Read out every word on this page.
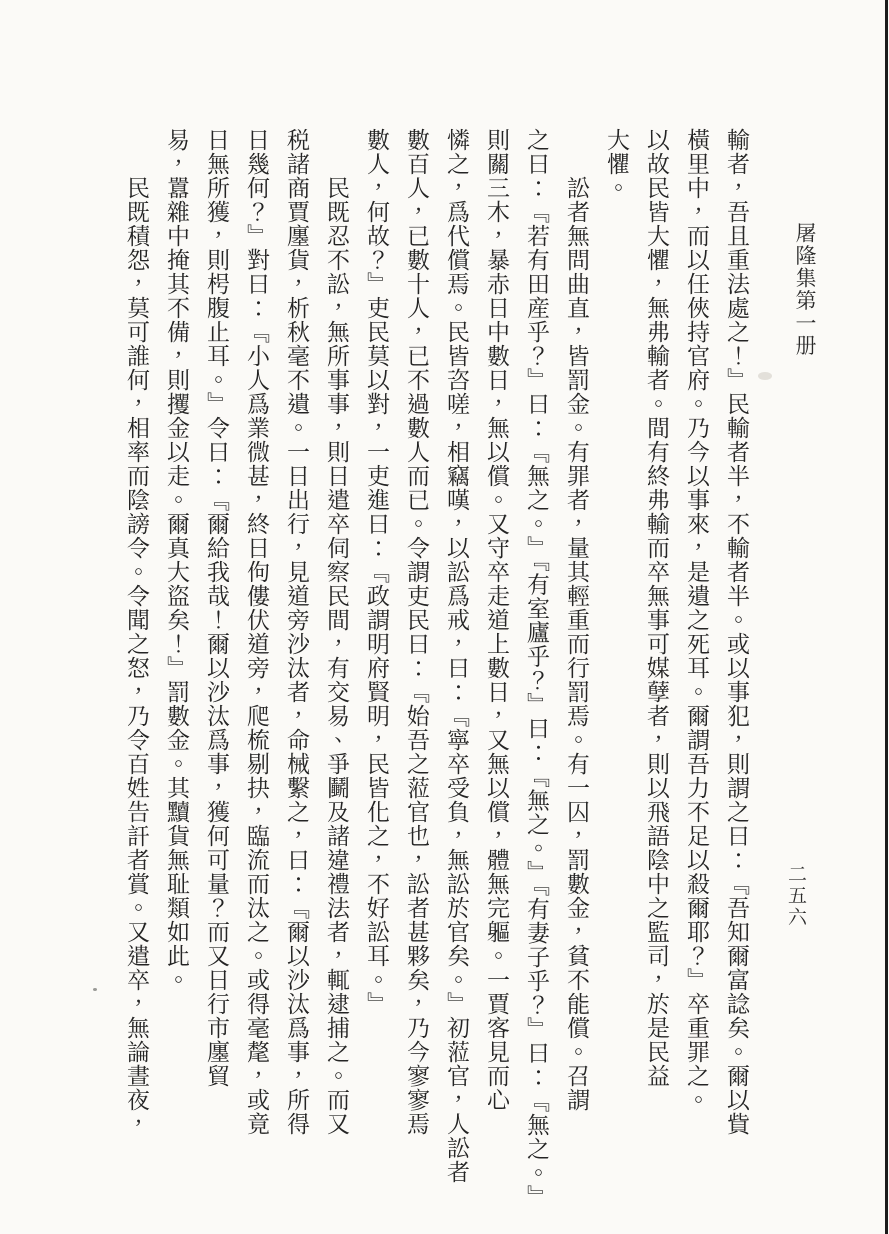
屠隆集第一册
二五六
輸者，吾且重法處之！』民輸者半，不輸者半。或以事犯，則謂之曰：『吾知爾富諗矣。爾以貲
橫里中，而以任俠持官府。乃今以事來，是遺之死耳。爾謂吾力不足以殺爾耶？』卒重罪之。
以故民皆大懼，無弗輸者。間有終弗輸而卒無事可媒孽者，則以飛語陰中之監司，於是民益
大懼。
訟者無問曲直，皆罰金。有罪者，量其輕重而行罰焉。有一囚，罰數金，貧不能償。召謂
之曰：『若有田産乎？』曰：『無之。』『有室廬乎？』曰：『無之。』『有妻子乎？』曰：『無之。』
則關三木，暴赤日中數日，無以償。又守卒走道上數日，又無以償，體無完軀。一賈客見而心
憐之，爲代償焉。民皆咨嗟，相竊嘆，以訟爲戒，曰：『寧卒受負，無訟於官矣。』初蒞官，人訟者
數百人，已數十人，已不過數人而已。令謂吏民曰：『始吾之蒞官也，訟者甚夥矣，乃今寥寥焉
數人，何故？』吏民莫以對，一吏進曰：『政謂明府賢明，民皆化之，不好訟耳。』
民既忍不訟，無所事事，則日遣卒伺察民間，有交易、爭鬭及諸違禮法者，輒逮捕之。而又
税諸商賈廛貨，析秋毫不遺。一日出行，見道旁沙汰者，命械繫之，曰：『爾以沙汰爲事，所得
日幾何？』對曰：『小人爲業微甚，終日佝僂伏道旁，爬梳剔抉，臨流而汰之。或得毫氂，或竟
日無所獲，則枵腹止耳。』令曰：『爾給我哉！爾以沙汰爲事，獲何可量？而又日行市廛貿
易，囂雜中掩其不備，則攫金以走。爾真大盜矣！』罰數金。其黷貨無耻類如此。
民既積怨，莫可誰何，相率而陰謗令。令聞之怒，乃令百姓告訐者賞。又遣卒，無論晝夜，
